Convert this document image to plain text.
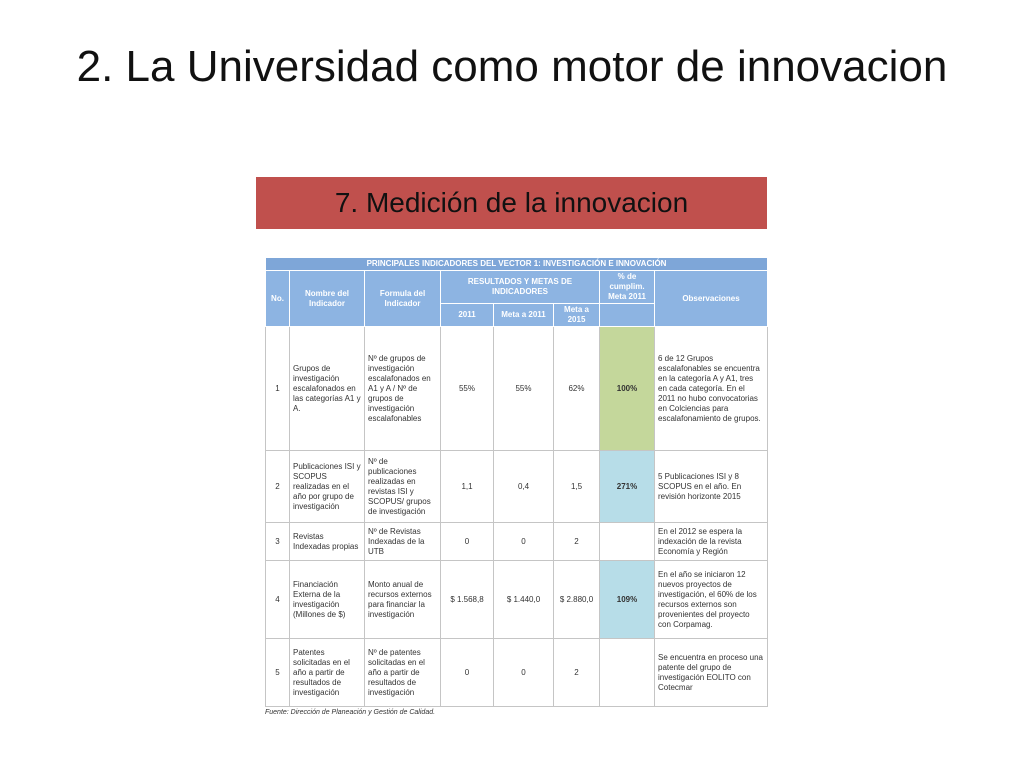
2. La Universidad como motor de innovacion
7. Medición de la innovacion
PRINCIPALES INDICADORES DEL VECTOR 1: INVESTIGACIÓN E INNOVACIÓN							
No.	Nombre del Indicador	Formula del Indicador	RESULTADOS Y METAS DE INDICADORES			% de cumplim. Meta 2011	Observaciones
			2011	Meta a 2011	Meta a 2015		
1	Grupos de investigación escalafonados en las categorías A1 y A.	Nº de grupos de investigación escalafonados en A1 y A / Nº de grupos de investigación escalafonables	55%	55%	62%	100%	6 de 12 Grupos escalafonables se encuentra en la categoría A y A1, tres en cada categoría. En el 2011 no hubo convocatorias en Colciencias para escalafonamiento de grupos.
2	Publicaciones ISI y SCOPUS realizadas en el año por grupo de investigación	Nº de publicaciones realizadas en revistas ISI y SCOPUS/ grupos de investigación	1,1	0,4	1,5	271%	5 Publicaciones ISI y 8 SCOPUS en el año. En revisión horizonte 2015
3	Revistas Indexadas propias	Nº de Revistas Indexadas de la UTB	0	0	2		En el 2012 se espera la indexación de la revista Economía y Región
4	Financiación Externa de la investigación (Millones de $)	Monto anual de recursos externos para financiar la investigación	$ 1.568,8	$ 1.440,0	$ 2.880,0	109%	En el año se iniciaron 12 nuevos proyectos de investigación, el 60% de los recursos externos son provenientes del proyecto con Corpamag.
5	Patentes solicitadas en el año a partir de resultados de investigación	Nº de patentes solicitadas en el año a partir de resultados de investigación	0	0	2		Se encuentra en proceso una patente del grupo de investigación EOLITO con Cotecmar
Fuente: Dirección de Planeación y Gestión de Calidad.
